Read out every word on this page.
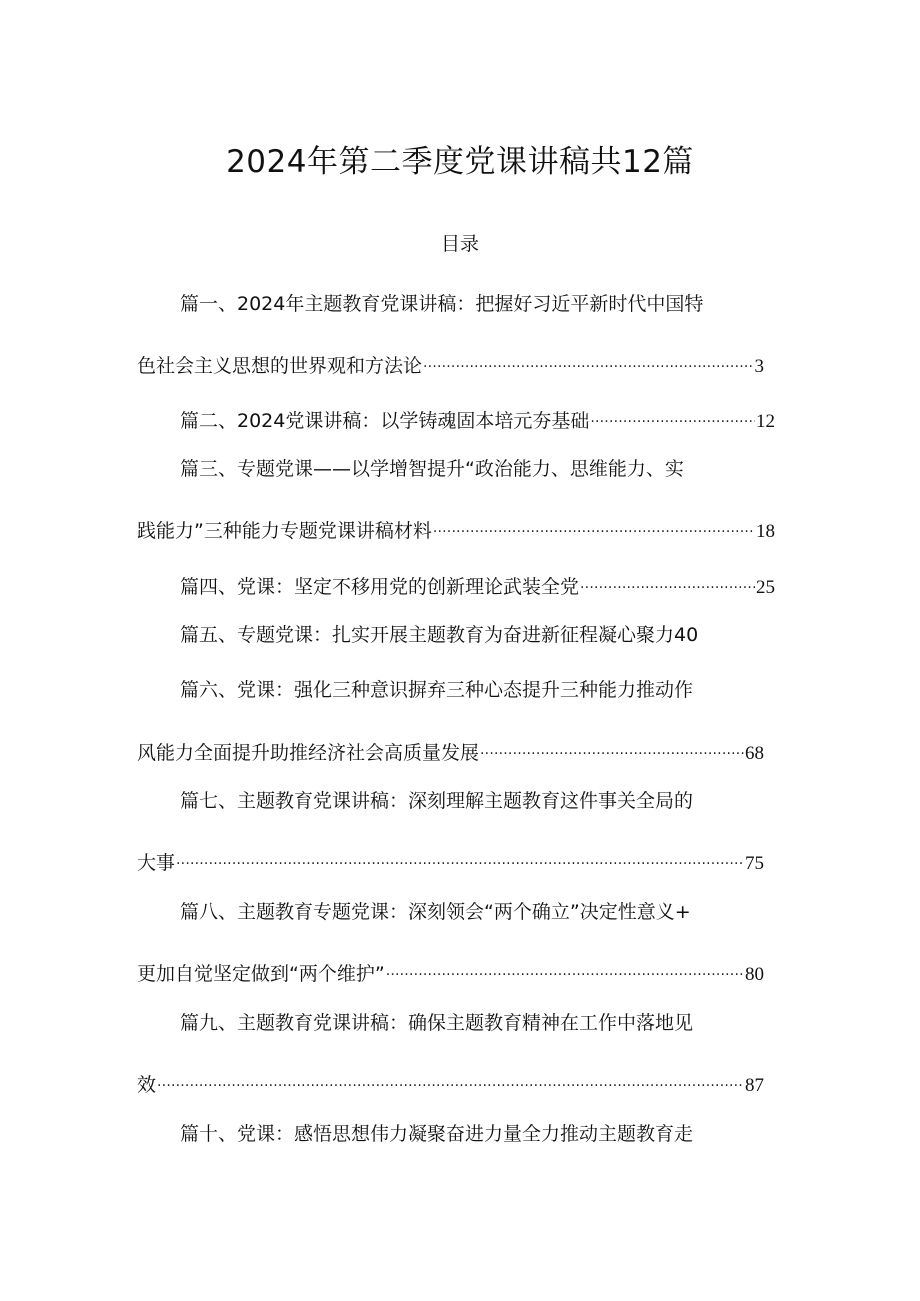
2024年第二季度党课讲稿共12篇
目录
篇一、2024年主题教育党课讲稿：把握好习近平新时代中国特
色社会主义思想的世界观和方法论 .....	3
篇二、2024党课讲稿：以学铸魂固本培元夯基础 .....	12
篇三、专题党课——以学增智提升“政治能力、思维能力、实
践能力”三种能力专题党课讲稿材料 .....	18
篇四、党课：坚定不移用党的创新理论武装全党 .....	25
篇五、专题党课：扎实开展主题教育为奋进新征程凝心聚力40
篇六、党课：强化三种意识摒弃三种心态提升三种能力推动作
风能力全面提升助推经济社会高质量发展 .....	68
篇七、主题教育党课讲稿：深刻理解主题教育这件事关全局的
大事 .....	75
篇八、主题教育专题党课：深刻领会“两个确立”决定性意义+
更加自觉坚定做到“两个维护” .....	80
篇九、主题教育党课讲稿：确保主题教育精神在工作中落地见
效 .....	87
篇十、党课：感悟思想伟力凝聚奋进力量全力推动主题教育走
